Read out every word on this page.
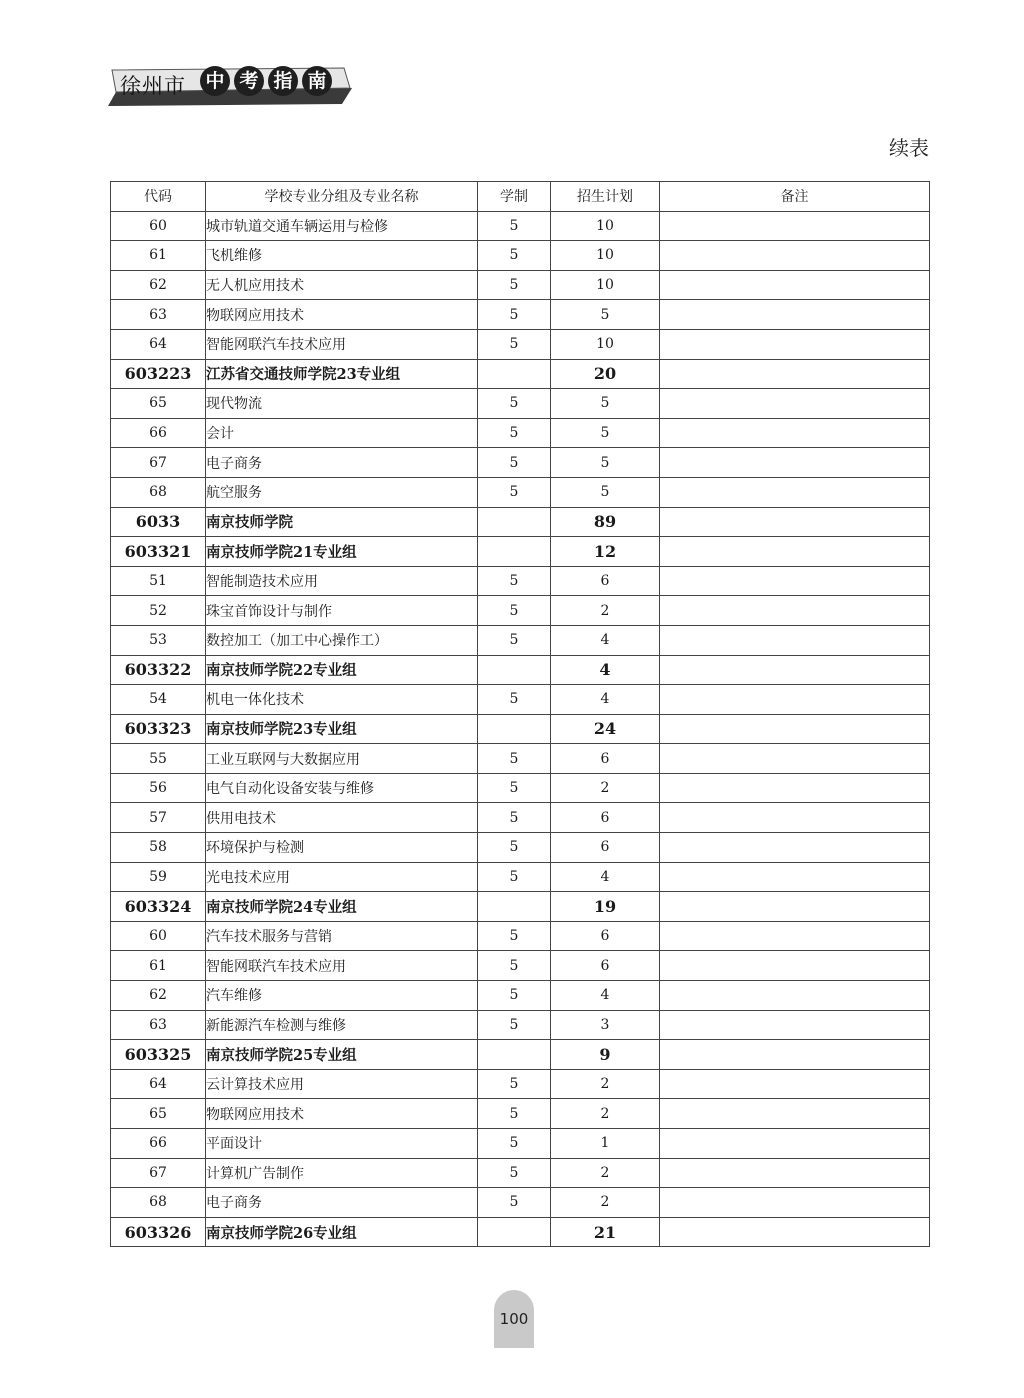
徐州市 中 考 指 南
续表
代码	学校专业分组及专业名称	学制	招生计划	备注
60	城市轨道交通车辆运用与检修	5	10	
61	飞机维修	5	10	
62	无人机应用技术	5	10	
63	物联网应用技术	5	5	
64	智能网联汽车技术应用	5	10	
603223	江苏省交通技师学院23专业组		20	
65	现代物流	5	5	
66	会计	5	5	
67	电子商务	5	5	
68	航空服务	5	5	
6033	南京技师学院		89	
603321	南京技师学院21专业组		12	
51	智能制造技术应用	5	6	
52	珠宝首饰设计与制作	5	2	
53	数控加工（加工中心操作工）	5	4	
603322	南京技师学院22专业组		4	
54	机电一体化技术	5	4	
603323	南京技师学院23专业组		24	
55	工业互联网与大数据应用	5	6	
56	电气自动化设备安装与维修	5	2	
57	供用电技术	5	6	
58	环境保护与检测	5	6	
59	光电技术应用	5	4	
603324	南京技师学院24专业组		19	
60	汽车技术服务与营销	5	6	
61	智能网联汽车技术应用	5	6	
62	汽车维修	5	4	
63	新能源汽车检测与维修	5	3	
603325	南京技师学院25专业组		9	
64	云计算技术应用	5	2	
65	物联网应用技术	5	2	
66	平面设计	5	1	
67	计算机广告制作	5	2	
68	电子商务	5	2	
603326	南京技师学院26专业组		21	
100
